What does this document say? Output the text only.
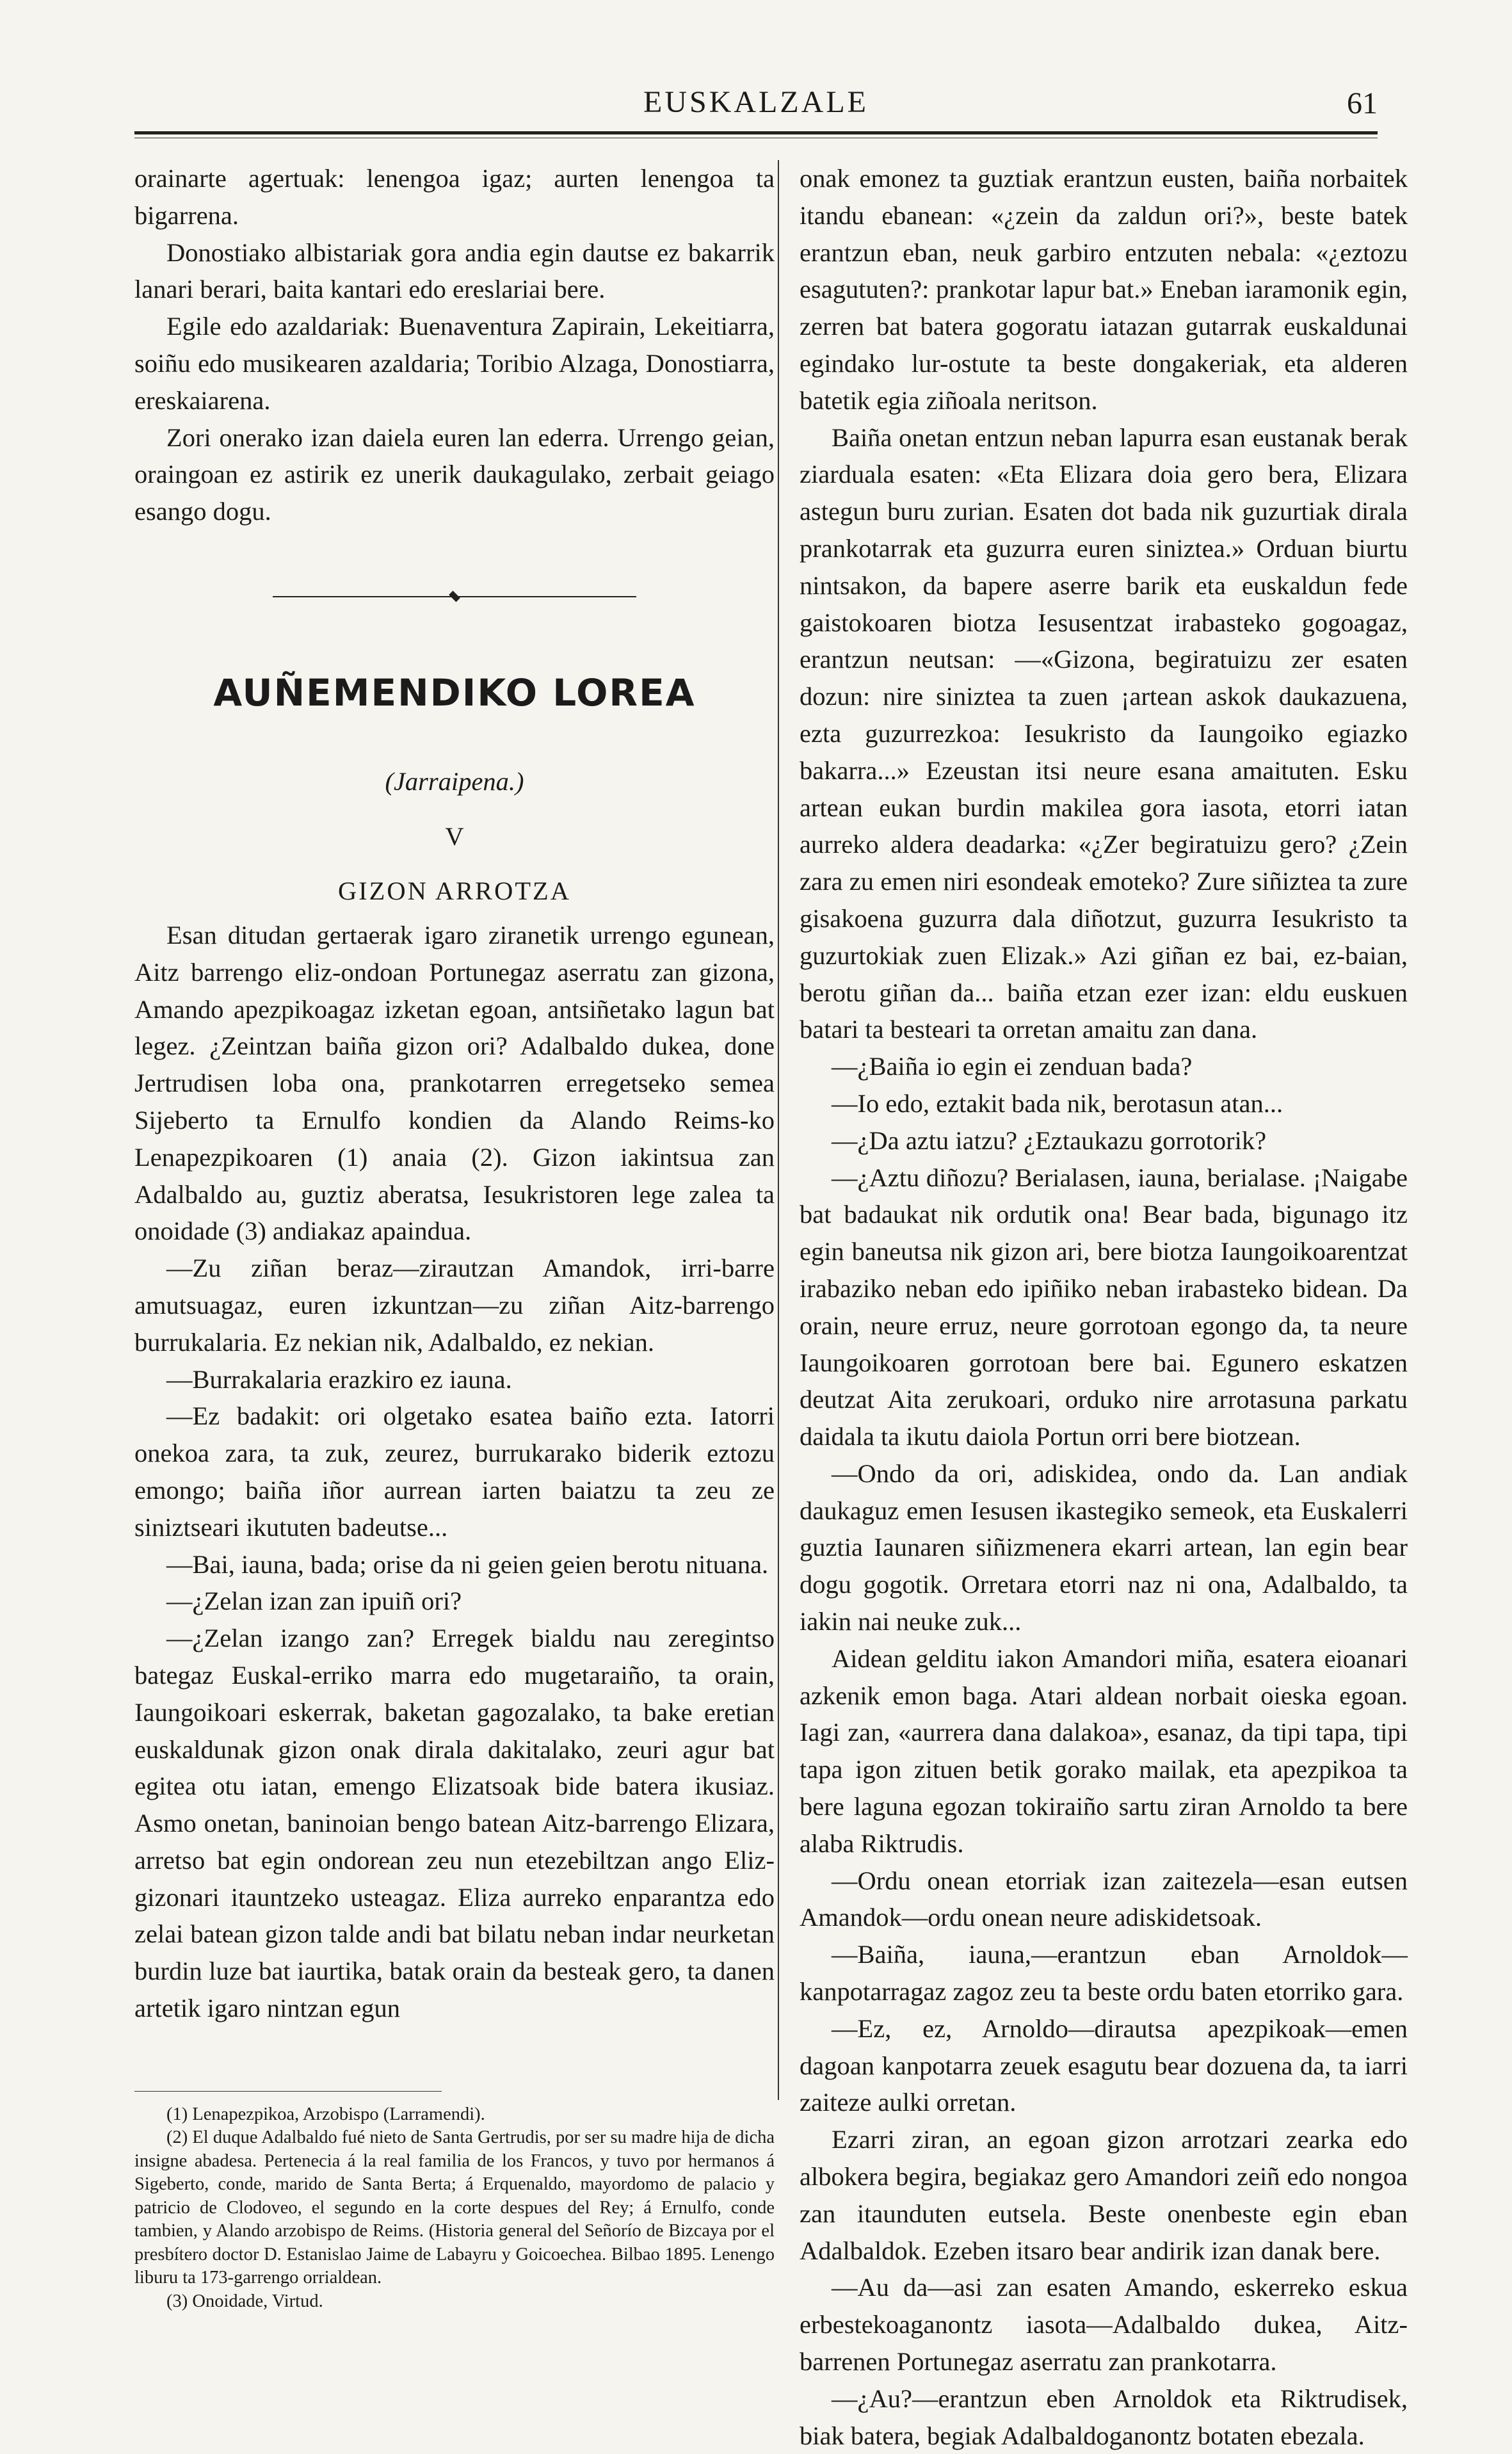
EUSKALZALE	61

orainarte agertuak: lenengoa igaz; aurten lenengoa ta bigarrena.

Donostiako albistariak gora andia egin dautse ez bakarrik lanari berari, baita kantari edo ereslariai bere.

Egile edo azaldariak: Buenaventura Zapirain, Lekeitiarra, soiñu edo musikearen azaldaria; Toribio Alzaga, Donostiarra, ereskaiarena.

Zori onerako izan daiela euren lan ederra. Urrengo geian, oraingoan ez astirik ez unerik daukagulako, zerbait geiago esango dogu.

AUÑEMENDIKO LOREA
(Jarraipena.)
V
GIZON ARROTZA

Esan ditudan gertaerak igaro ziranetik urrengo egunean, Aitz barrengo eliz-ondoan Portunegaz aserratu zan gizona, Amando apezpikoagaz izketan egoan, antsiñetako lagun bat legez. ¿Zeintzan baiña gizon ori? Adalbaldo dukea, done Jertrudisen loba ona, prankotarren erregetseko semea Sijeberto ta Ernulfo kondien da Alando Reims-ko Lenapezpikoaren (1) anaia (2). Gizon iakintsua zan Adalbaldo au, guztiz aberatsa, Iesukristoren lege zalea ta onoidade (3) andiakaz apaindua.

—Zu ziñan beraz—zirautzan Amandok, irri-barre amutsuagaz, euren izkuntzan—zu ziñan Aitz-barrengo burrukalaria. Ez nekian nik, Adalbaldo, ez nekian.

—Burrakalaria erazkiro ez iauna.

—Ez badakit: ori olgetako esatea baiño ezta. Iatorri onekoa zara, ta zuk, zeurez, burrukarako biderik eztozu emongo; baiña iñor aurrean iarten baiatzu ta zeu ze siniztseari ikututen badeutse...

—Bai, iauna, bada; orise da ni geien geien berotu nituana.

—¿Zelan izan zan ipuiñ ori?

—¿Zelan izango zan? Erregek bialdu nau zeregintso bategaz Euskal-erriko marra edo mugetaraiño, ta orain, Iaungoikoari eskerrak, baketan gagozalako, ta bake eretian euskaldunak gizon onak dirala dakitalako, zeuri agur bat egitea otu iatan, emengo Elizatsoak bide batera ikusiaz. Asmo onetan, baninoian bengo batean Aitz-barrengo Elizara, arretso bat egin ondorean zeu nun etezebiltzan ango Eliz-gizonari itauntzeko usteagaz. Eliza aurreko enparantza edo zelai batean gizon talde andi bat bilatu neban indar neurketan burdin luze bat iaurtika, batak orain da besteak gero, ta danen artetik igaro nintzan egun

(1) Lenapezpikoa, Arzobispo (Larramendi).

(2) El duque Adalbaldo fué nieto de Santa Gertrudis, por ser su madre hija de dicha insigne abadesa. Pertenecia á la real familia de los Francos, y tuvo por hermanos á Sigeberto, conde, marido de Santa Berta; á Erquenaldo, mayordomo de palacio y patricio de Clodoveo, el segundo en la corte despues del Rey; á Ernulfo, conde tambien, y Alando arzobispo de Reims. (Historia general del Señorío de Bizcaya por el presbítero doctor D. Estanislao Jaime de Labayru y Goicoechea. Bilbao 1895. Lenengo liburu ta 173-garrengo orrialdean.

(3) Onoidade, Virtud.

onak emonez ta guztiak erantzun eusten, baiña norbaitek itandu ebanean: «¿zein da zaldun ori?», beste batek erantzun eban, neuk garbiro entzuten nebala: «¿eztozu esagututen?: prankotar lapur bat.» Eneban iaramonik egin, zerren bat batera gogoratu iatazan gutarrak euskaldunai egindako lur-ostute ta beste dongakeriak, eta alderen batetik egia ziñoala neritson.

Baiña onetan entzun neban lapurra esan eustanak berak ziarduala esaten: «Eta Elizara doia gero bera, Elizara astegun buru zurian. Esaten dot bada nik guzurtiak dirala prankotarrak eta guzurra euren siniztea.» Orduan biurtu nintsakon, da bapere aserre barik eta euskaldun fede gaistokoaren biotza Iesusentzat irabasteko gogoagaz, erantzun neutsan: —«Gizona, begiratuizu zer esaten dozun: nire siniztea ta zuen ¡artean askok daukazuena, ezta guzurrezkoa: Iesukristo da Iaungoiko egiazko bakarra...» Ezeustan itsi neure esana amaituten. Esku artean eukan burdin makilea gora iasota, etorri iatan aurreko aldera deadarka: «¿Zer begiratuizu gero? ¿Zein zara zu emen niri esondeak emoteko? Zure siñiztea ta zure gisakoena guzurra dala diñotzut, guzurra Iesukristo ta guzurtokiak zuen Elizak.» Azi giñan ez bai, ez-baian, berotu giñan da... baiña etzan ezer izan: eldu euskuen batari ta besteari ta orretan amaitu zan dana.

—¿Baiña io egin ei zenduan bada?

—Io edo, eztakit bada nik, berotasun atan...

—¿Da aztu iatzu? ¿Eztaukazu gorrotorik?

—¿Aztu diñozu? Berialasen, iauna, berialase. ¡Naigabe bat badaukat nik ordutik ona! Bear bada, bigunago itz egin baneutsa nik gizon ari, bere biotza Iaungoikoarentzat irabaziko neban edo ipiñiko neban irabasteko bidean. Da orain, neure erruz, neure gorrotoan egongo da, ta neure Iaungoikoaren gorrotoan bere bai. Egunero eskatzen deutzat Aita zerukoari, orduko nire arrotasuna parkatu daidala ta ikutu daiola Portun orri bere biotzean.

—Ondo da ori, adiskidea, ondo da. Lan andiak daukaguz emen Iesusen ikastegiko semeok, eta Euskalerri guztia Iaunaren siñizmenera ekarri artean, lan egin bear dogu gogotik. Orretara etorri naz ni ona, Adalbaldo, ta iakin nai neuke zuk...

Aidean gelditu iakon Amandori miña, esatera eioanari azkenik emon baga. Atari aldean norbait oieska egoan. Iagi zan, «aurrera dana dalakoa», esanaz, da tipi tapa, tipi tapa igon zituen betik gorako mailak, eta apezpikoa ta bere laguna egozan tokiraiño sartu ziran Arnoldo ta bere alaba Riktrudis.

—Ordu onean etorriak izan zaitezela—esan eutsen Amandok—ordu onean neure adiskidetsoak.

—Baiña, iauna,—erantzun eban Arnoldok—kanpotarragaz zagoz zeu ta beste ordu baten etorriko gara.

—Ez, ez, Arnoldo—dirautsa apezpikoak—emen dagoan kanpotarra zeuek esagutu bear dozuena da, ta iarri zaitezе aulki orretan.

Ezarri ziran, an egoan gizon arrotzari zearka edo albokera begira, begiakaz gero Amandori zeiñ edo nongoa zan itaunduten eutsela. Beste onenbeste egin eban Adalbaldok. Ezeben itsaro bear andirik izan danak bere.

—Au da—asi zan esaten Amando, eskerreko eskua erbestekoaganontz iasota—Adalbaldo dukea, Aitz-barrenen Portunegaz aserratu zan prankotarra.

—¿Au?—erantzun eben Arnoldok eta Riktrudisek, biak batera, begiak Adalbaldoganontz botaten ebezala.
